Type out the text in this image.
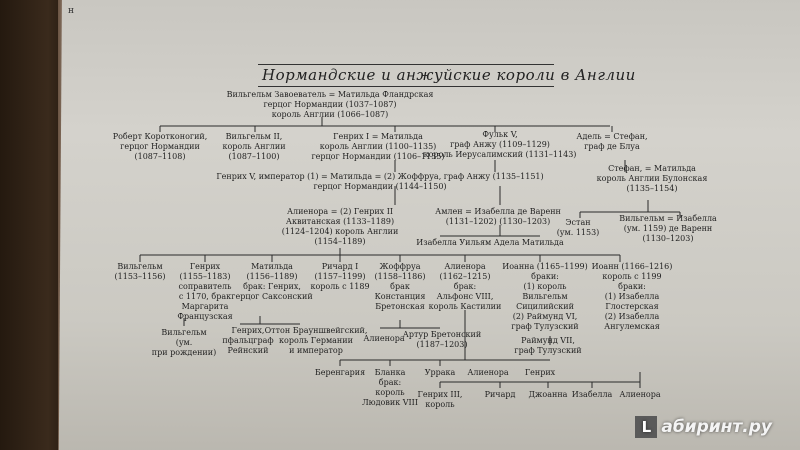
н
Нормандские и анжуйские короли в Англии
Вильгельм Завоеватель = Матильда Фландрская
герцог Нормандии (1037–1087)
король Англии (1066–1087)
Роберт Коротконогий,
герцог Нормандии
(1087–1108)
Вильгельм II,
король Англии
(1087–1100)
Генрих I = Матильда
король Англии (1100–1135)
герцог Нормандии (1106–1135)
Фульк V,
граф Анжу (1109–1129)
король Иерусалимский (1131–1143)
Адель = Стефан,
граф де Блуа
Генрих V, император (1) = Матильда = (2) Жоффруа, граф Анжу (1135–1151)
герцог Нормандии (1144–1150)
Стефан, = Матильда
король Англии Булонская
(1135–1154)
Алиенора = (2) Генрих II
Аквитанская (1133–1189)
(1124–1204) король Англии
(1154–1189)
Амлен = Изабелла де Варенн
(1131–1202) (1130–1203)	Эстан
(ум. 1153)
Вильгельм = Изабелла
(ум. 1159) де Варенн
(1130–1203)
Изабелла Уильям Адела Матильда
Вильгельм
(1153–1156)
Генрих
(1155–1183)
соправитель
с 1170, брак
Маргарита
Французская
Матильда
(1156–1189)
брак: Генрих,
герцог Саксонский
Ричард I
(1157–1199)
король с 1189
Жоффруа
(1158–1186)
брак
Констанция
Бретонская
Алиенора
(1162–1215)
брак:
Альфонс VIII,
король Кастилии
Иоанна (1165–1199)
браки:
(1) король
Вильгельм
Сицилийский
(2) Раймунд VI,
граф Тулузский
Иоанн (1166–1216)
король с 1199
браки:
(1) Изабелла
Глостерская
(2) Изабелла
Ангулемская
Вильгельм
(ум.
при рождении)
Генрих,
пфальцграф
Рейнский
Оттон Брауншвейгский,
король Германии
и император
Алиенора
Артур Бретонский
(1187–1203)	Раймунд VII,
граф Тулузский
Беренгария	Бланка
брак:
король
Людовик VIII
Уррака Алиенора Генрих
Генрих III,
король
Ричард Джоанна Изабелла Алиенора
L абиринт.ру
